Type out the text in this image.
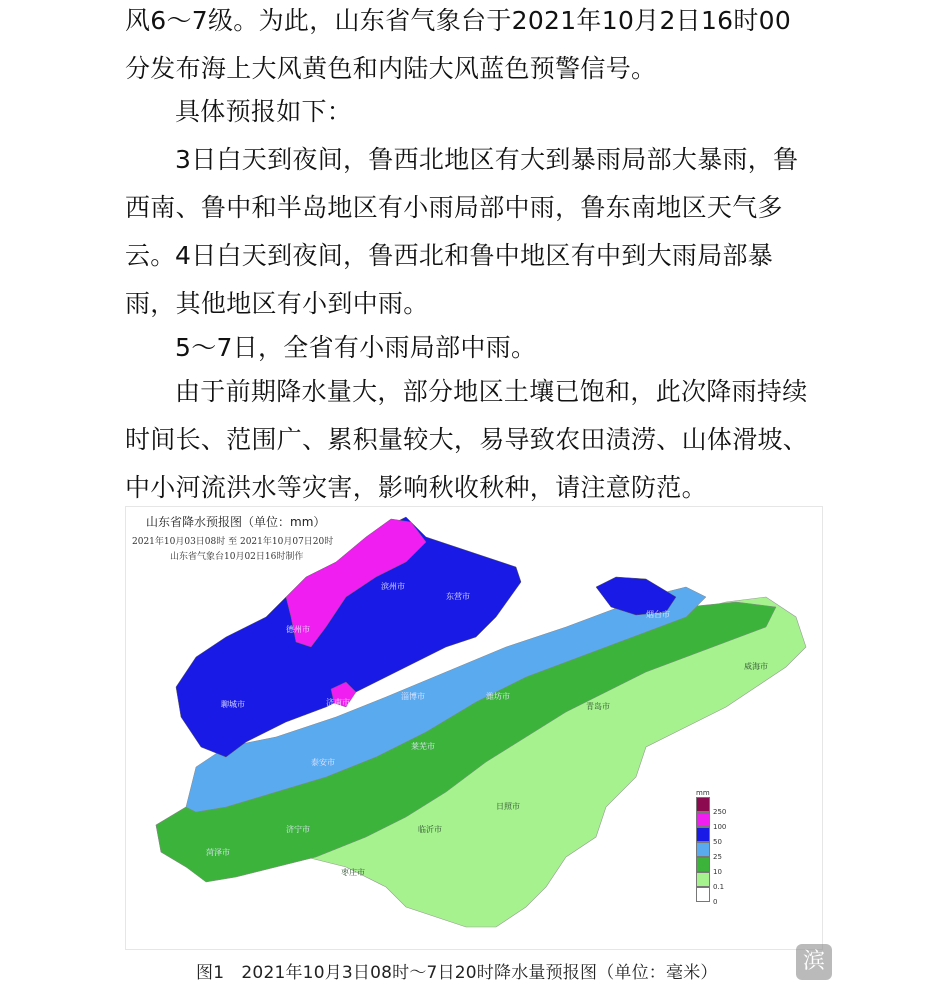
风6～7级。为此，山东省气象台于2021年10月2日16时00分发布海上大风黄色和内陆大风蓝色预警信号。

具体预报如下：

3日白天到夜间，鲁西北地区有大到暴雨局部大暴雨，鲁西南、鲁中和半岛地区有小雨局部中雨，鲁东南地区天气多云。 4日白天到夜间，鲁西北和鲁中地区有中到大雨局部暴雨，其他地区有小到中雨。

5～7日，全省有小雨局部中雨。

由于前期降水量大，部分地区土壤已饱和，此次降雨持续时间长、范围广、累积量较大，易导致农田渍涝、山体滑坡、中小河流洪水等灾害，影响秋收秋种，请注意防范。

滨州市
东营市
德州市
聊城市	济南市
淄博市	潍坊市
烟台市
威海市
泰安市
莱芜市
济宁市	临沂市
日照市
青岛市
菏泽市
枣庄市
山东省降水预报图（单位：mm）
2021年10月03日08时 至 2021年10月07日20时
山东省气象台10月02日16时制作
mm
250
100
50
25
10
0.1
0
图1　2021年10月3日08时～7日20时降水量预报图（单位：毫米）	滨
